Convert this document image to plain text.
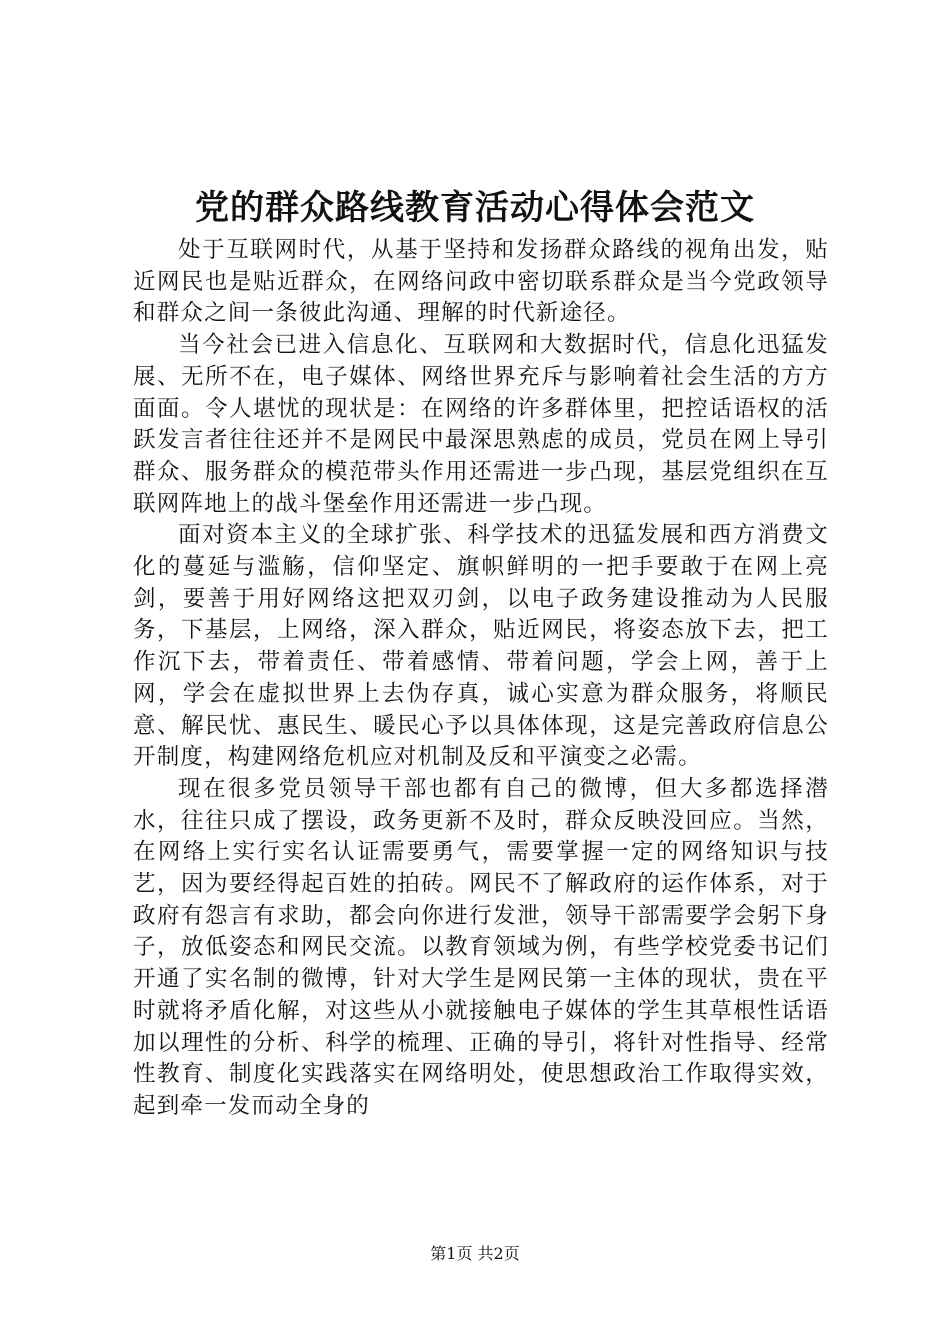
党的群众路线教育活动心得体会范文

处于互联网时代，从基于坚持和发扬群众路线的视角出发，贴近网民也是贴近群众，在网络问政中密切联系群众是当今党政领导和群众之间一条彼此沟通、理解的时代新途径。

当今社会已进入信息化、互联网和大数据时代，信息化迅猛发展、无所不在，电子媒体、网络世界充斥与影响着社会生活的方方面面。令人堪忧的现状是：在网络的许多群体里，把控话语权的活跃发言者往往还并不是网民中最深思熟虑的成员，党员在网上导引群众、服务群众的模范带头作用还需进一步凸现，基层党组织在互联网阵地上的战斗堡垒作用还需进一步凸现。

面对资本主义的全球扩张、科学技术的迅猛发展和西方消费文化的蔓延与滥觞，信仰坚定、旗帜鲜明的一把手要敢于在网上亮剑，要善于用好网络这把双刃剑，以电子政务建设推动为人民服务，下基层，上网络，深入群众，贴近网民，将姿态放下去，把工作沉下去，带着责任、带着感情、带着问题，学会上网，善于上网，学会在虚拟世界上去伪存真，诚心实意为群众服务，将顺民意、解民忧、惠民生、暖民心予以具体体现，这是完善政府信息公开制度，构建网络危机应对机制及反和平演变之必需。

现在很多党员领导干部也都有自己的微博，但大多都选择潜水，往往只成了摆设，政务更新不及时，群众反映没回应。当然，在网络上实行实名认证需要勇气，需要掌握一定的网络知识与技艺，因为要经得起百姓的拍砖。网民不了解政府的运作体系，对于政府有怨言有求助，都会向你进行发泄，领导干部需要学会躬下身子，放低姿态和网民交流。以教育领域为例，有些学校党委书记们开通了实名制的微博，针对大学生是网民第一主体的现状，贵在平时就将矛盾化解，对这些从小就接触电子媒体的学生其草根性话语加以理性的分析、科学的梳理、正确的导引，将针对性指导、经常性教育、制度化实践落实在网络明处，使思想政治工作取得实效，起到牵一发而动全身的

第1页 共2页
